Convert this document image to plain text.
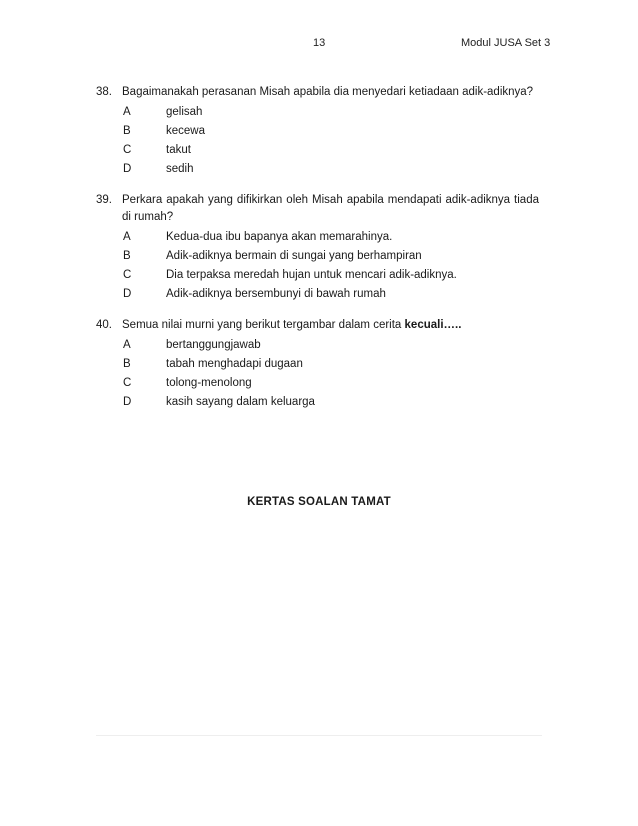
13	Modul JUSA Set 3
38. Bagaimanakah perasanan Misah apabila dia menyedari ketiadaan adik-adiknya?
A	gelisah
B	kecewa
C	takut
D	sedih
39. Perkara apakah yang difikirkan oleh Misah apabila mendapati adik-adiknya tiada di rumah?
A	Kedua-dua ibu bapanya akan memarahinya.
B	Adik-adiknya bermain di sungai yang berhampiran
C	Dia terpaksa meredah hujan untuk mencari adik-adiknya.
D	Adik-adiknya bersembunyi di bawah rumah
40. Semua nilai murni yang berikut tergambar dalam cerita kecuali…..
A	bertanggungjawab
B	tabah menghadapi dugaan
C	tolong-menolong
D	kasih sayang dalam keluarga
KERTAS SOALAN TAMAT
